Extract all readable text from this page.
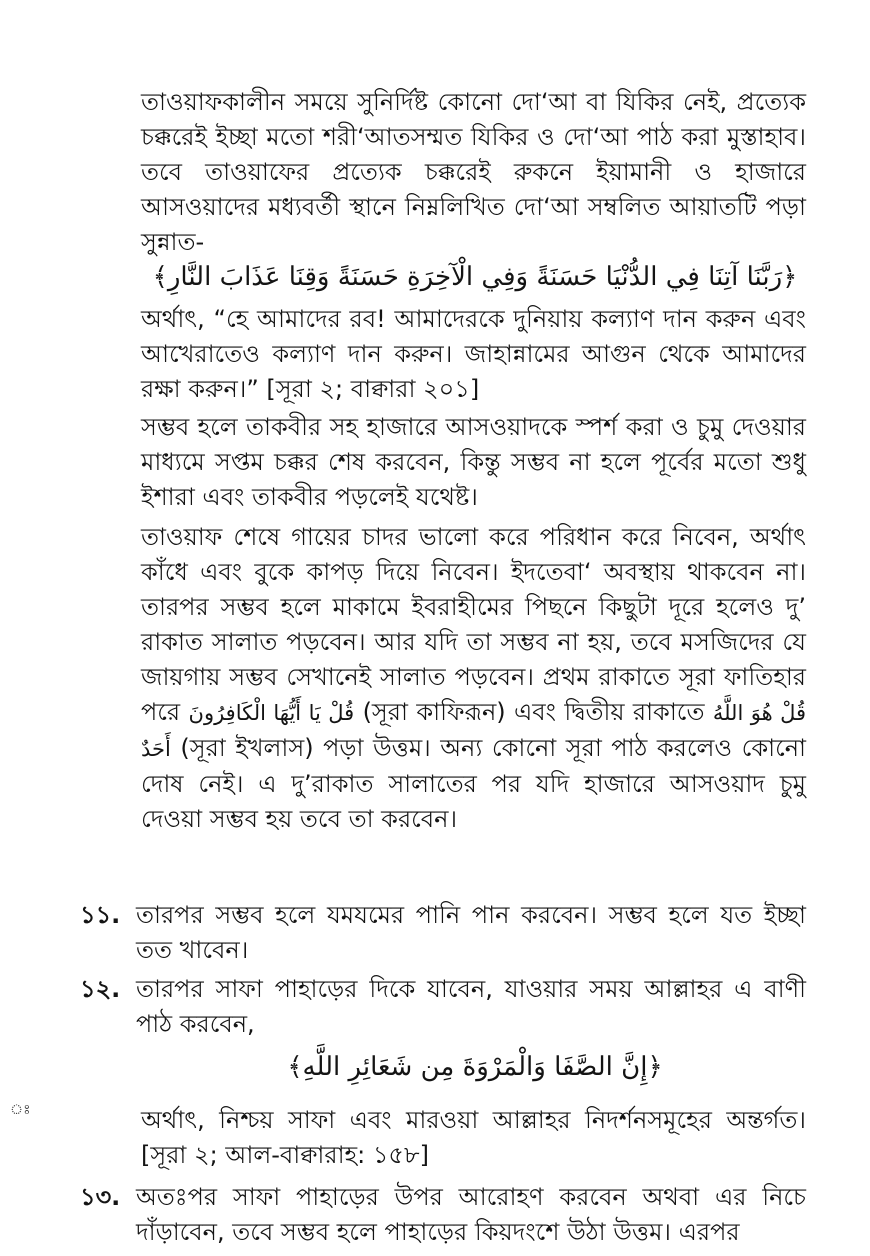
তাওয়াফকালীন সময়ে সুনির্দিষ্ট কোনো দো‘আ বা যিকির নেই, প্রত্যেক চক্করেই ইচ্ছা মতো শরী‘আতসম্মত যিকির ও দো‘আ পাঠ করা মুস্তাহাব। তবে তাওয়াফের প্রত্যেক চক্করেই রুকনে ইয়ামানী ও হাজারে আসওয়াদের মধ্যবর্তী স্থানে নিম্নলিখিত দো‘আ সম্বলিত আয়াতটি পড়া সুন্নাত-
﴿رَبَّنَا آتِنَا فِي الدُّنْيَا حَسَنَةً وَفِي الْآخِرَةِ حَسَنَةً وَقِنَا عَذَابَ النَّارِ﴾
অর্থাৎ, “হে আমাদের রব! আমাদেরকে দুনিয়ায় কল্যাণ দান করুন এবং আখেরাতেও কল্যাণ দান করুন। জাহান্নামের আগুন থেকে আমাদের রক্ষা করুন।” [সূরা ২; বাক্বারা ২০১]
সম্ভব হলে তাকবীর সহ হাজারে আসওয়াদকে স্পর্শ করা ও চুমু দেওয়ার মাধ্যমে সপ্তম চক্কর শেষ করবেন, কিন্তু সম্ভব না হলে পূর্বের মতো শুধু ইশারা এবং তাকবীর পড়লেই যথেষ্ট।
তাওয়াফ শেষে গায়ের চাদর ভালো করে পরিধান করে নিবেন, অর্থাৎ কাঁধে এবং বুকে কাপড় দিয়ে নিবেন। ইদতেবা‘ অবস্থায় থাকবেন না। তারপর সম্ভব হলে মাকামে ইবরাহীমের পিছনে কিছুটা দূরে হলেও দু’ রাকাত সালাত পড়বেন। আর যদি তা সম্ভব না হয়, তবে মসজিদের যে জায়গায় সম্ভব সেখানেই সালাত পড়বেন। প্রথম রাকাতে সূরা ফাতিহার পরে قُلْ يَا أَيُّهَا الْكَافِرُونَ (সূরা কাফিরূন) এবং দ্বিতীয় রাকাতে قُلْ هُوَ اللَّهُ أَحَدٌ (সূরা ইখলাস) পড়া উত্তম। অন্য কোনো সূরা পাঠ করলেও কোনো দোষ নেই। এ দু’রাকাত সালাতের পর যদি হাজারে আসওয়াদ চুমু দেওয়া সম্ভব হয় তবে তা করবেন।
১১. তারপর সম্ভব হলে যমযমের পানি পান করবেন। সম্ভব হলে যত ইচ্ছা তত খাবেন।
১২. তারপর সাফা পাহাড়ের দিকে যাবেন, যাওয়ার সময় আল্লাহর এ বাণী পাঠ করবেন,
﴿إِنَّ الصَّفَا وَالْمَرْوَةَ مِن شَعَائِرِ اللَّهِ﴾
ঃ	অর্থাৎ, নিশ্চয় সাফা এবং মারওয়া আল্লাহর নিদর্শনসমূহের অন্তর্গত। [সূরা ২; আল-বাক্বারাহ: ১৫৮]
১৩. অতঃপর সাফা পাহাড়ের উপর আরোহণ করবেন অথবা এর নিচে দাঁড়াবেন, তবে সম্ভব হলে পাহাড়ের কিয়দংশে উঠা উত্তম। এরপর
